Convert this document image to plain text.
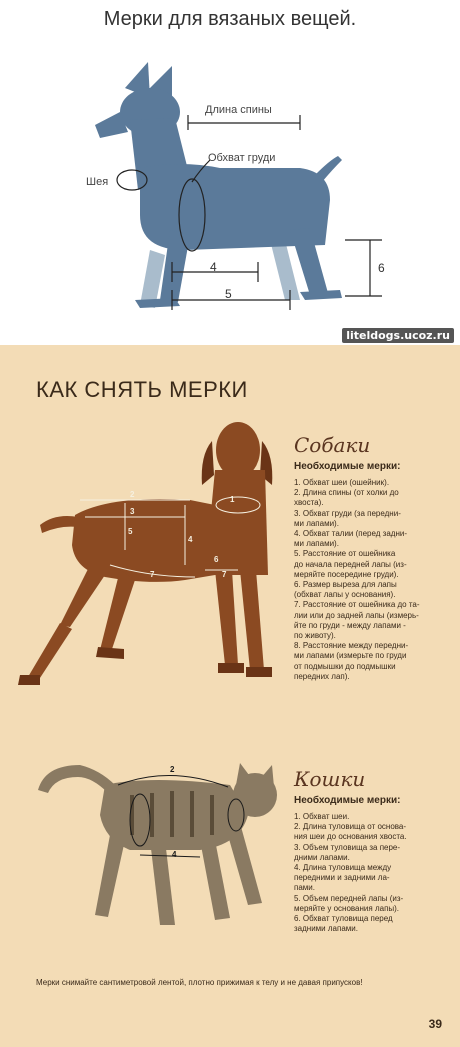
Мерки для вязаных вещей.
Длина спины
Обхват груди
Шея
4
5
6
liteldogs.ucoz.ru
КАК СНЯТЬ МЕРКИ
1
2
3
4
5
6
7	7
2
4
Собаки
Необходимые мерки:
1. Обхват шеи (ошейник).
2. Длина спины (от холки до
хвоста).
3. Обхват груди (за передни-
ми лапами).
4. Обхват талии (перед задни-
ми лапами).
5. Расстояние от ошейника
до начала передней лапы (из-
меряйте посередине груди).
6. Размер выреза для лапы
(обхват лапы у основания).
7. Расстояние от ошейника до та-
лии или до задней лапы (измерь-
йте по груди - между лапами -
по животу).
8. Расстояние между передни-
ми лапами (измерьте по груди
от подмышки до подмышки
передних лап).
Кошки
Необходимые мерки:
1. Обхват шеи.
2. Длина туловища от основа-
ния шеи до основания хвоста.
3. Объем туловища за пере-
дними лапами.
4. Длина туловища между
передними и задними ла-
пами.
5. Объем передней лапы (из-
меряйте у основания лапы).
6. Обхват туловища перед
задними лапами.
Мерки снимайте сантиметровой лентой, плотно прижимая к телу и не давая припусков!
39
